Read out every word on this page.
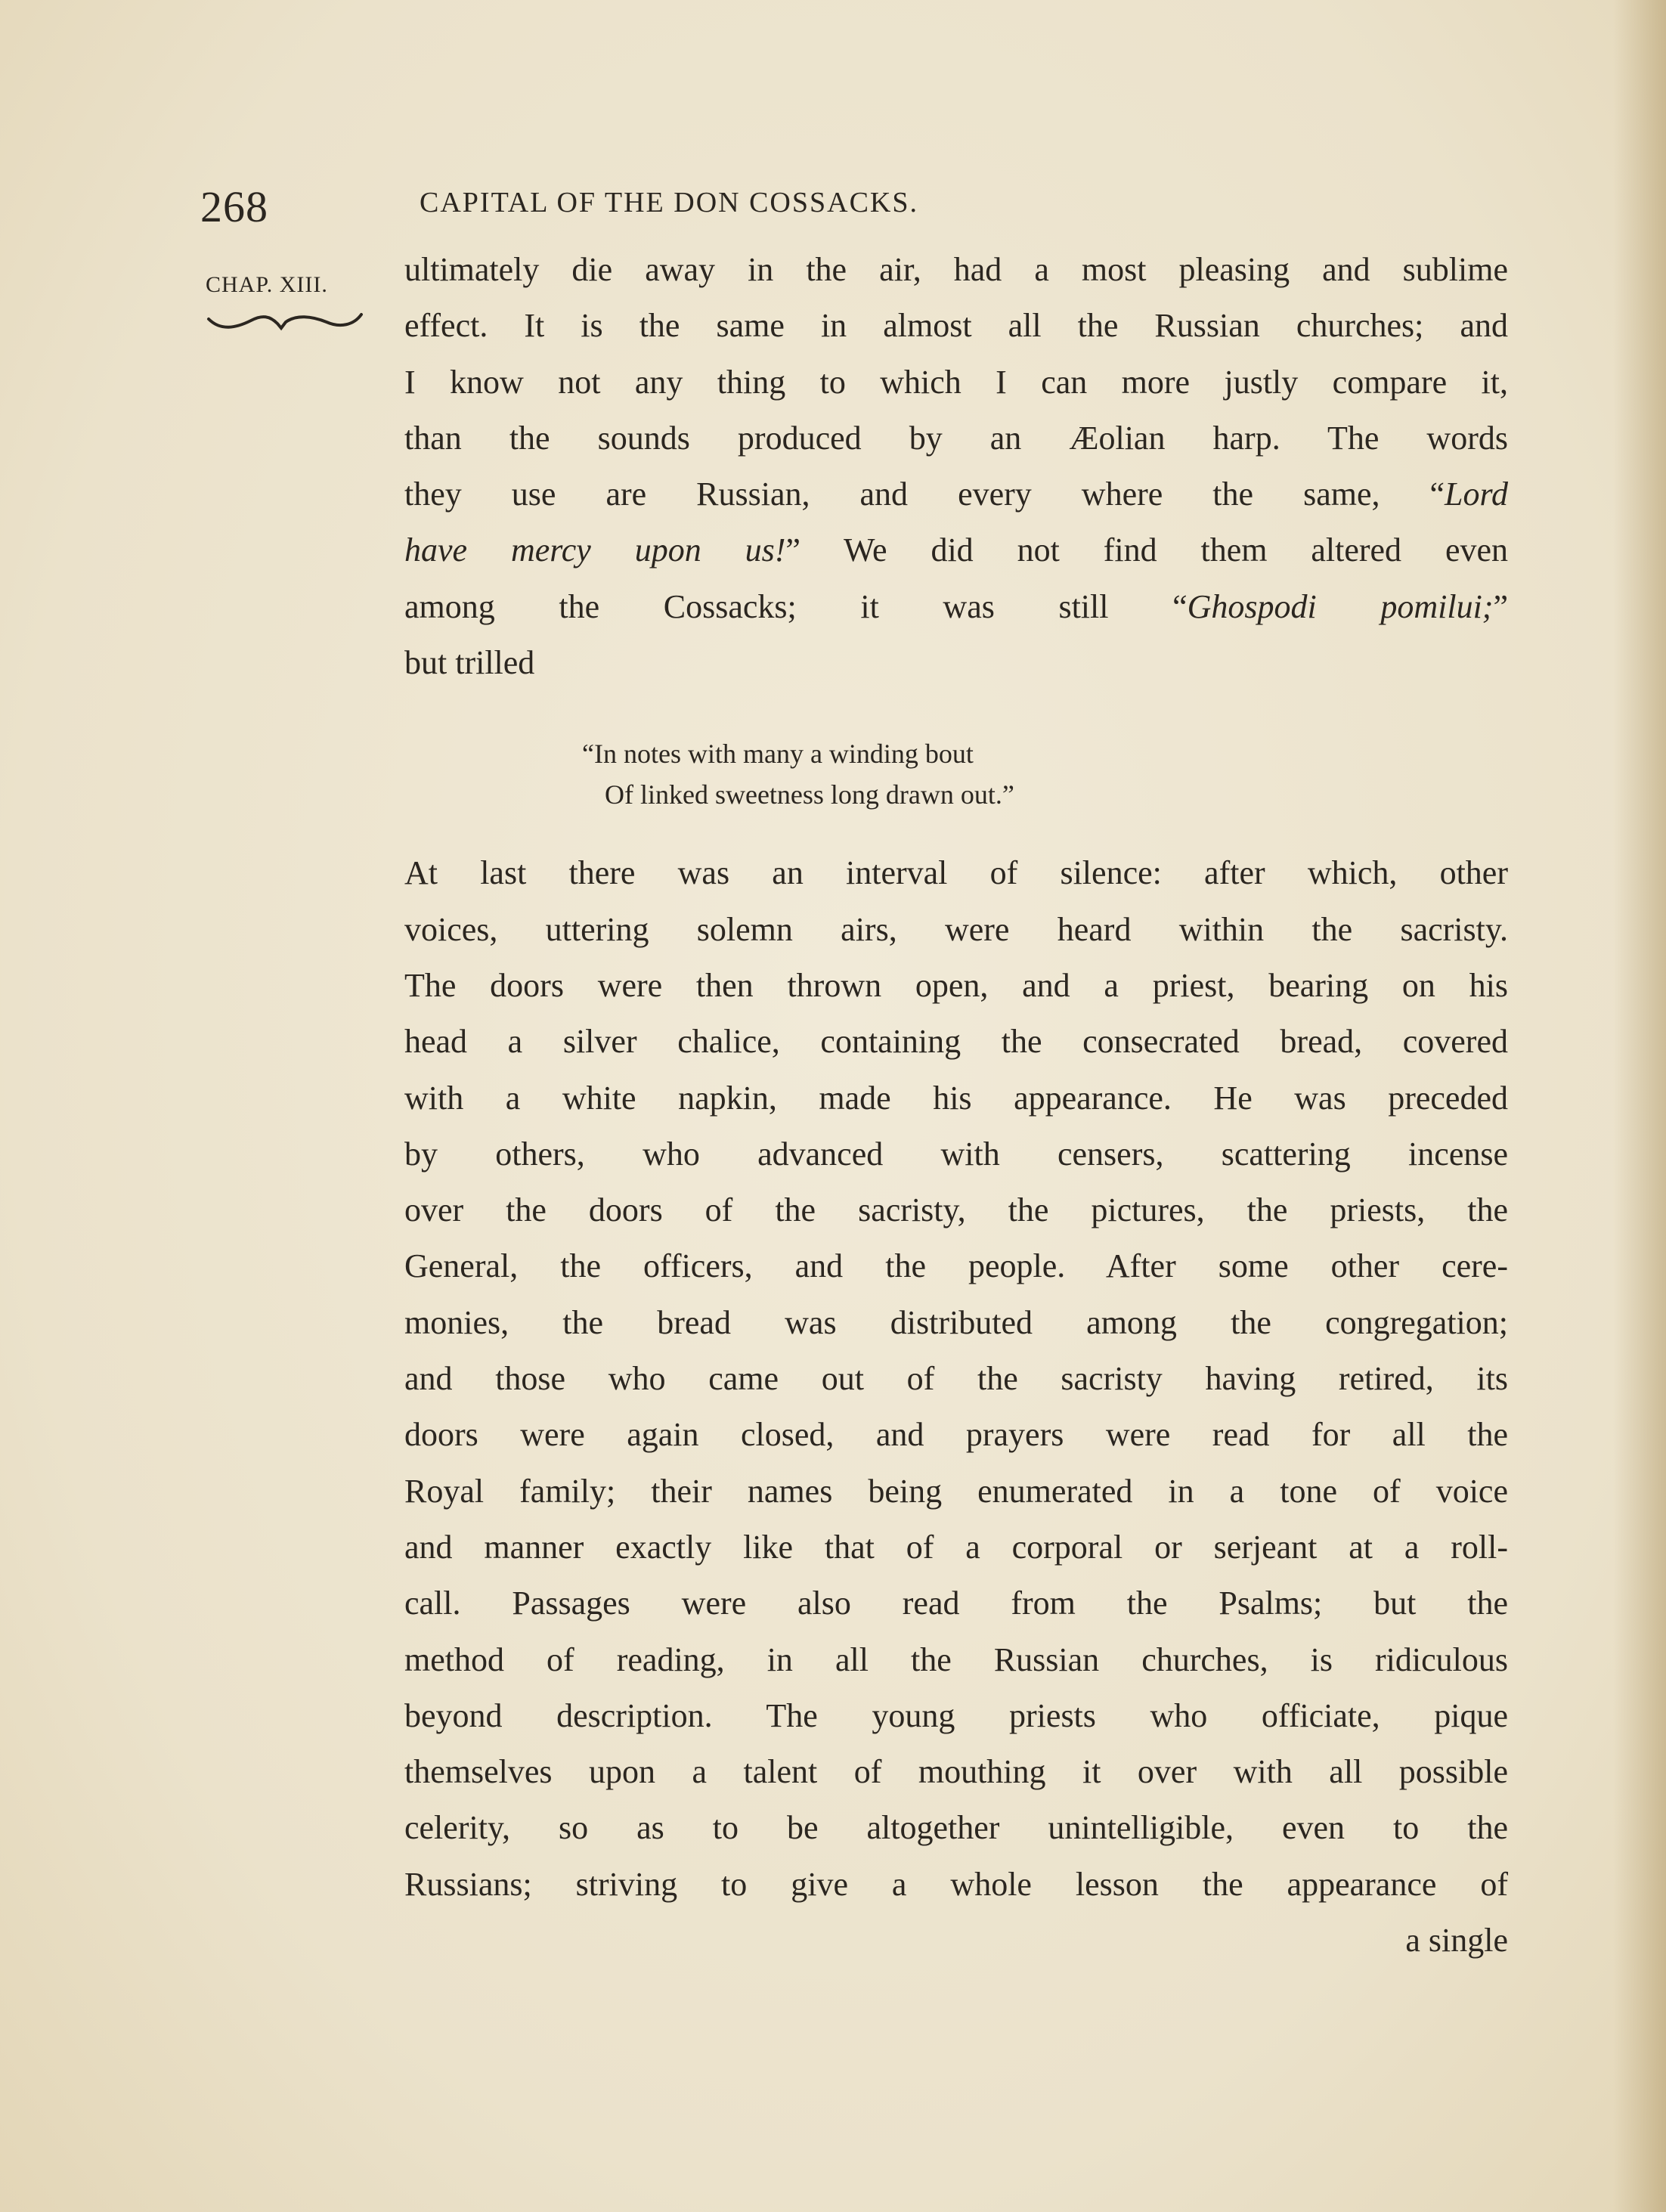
268	CAPITAL OF THE DON COSSACKS.
CHAP. XIII. ultimately die away in the air, had a most pleasing and sublime
effect. It is the same in almost all the Russian churches; and
I know not any thing to which I can more justly compare it,
than the sounds produced by an Æolian harp. The words
they use are Russian, and every where the same, “Lord
have mercy upon us!” We did not find them altered even
among the Cossacks; it was still “Ghospodi pomilui;”
but trilled
“In notes with many a winding bout
Of linked sweetness long drawn out.”
At last there was an interval of silence: after which, other
voices, uttering solemn airs, were heard within the sacristy.
The doors were then thrown open, and a priest, bearing on his
head a silver chalice, containing the consecrated bread, covered
with a white napkin, made his appearance. He was preceded
by others, who advanced with censers, scattering incense
over the doors of the sacristy, the pictures, the priests, the
General, the officers, and the people. After some other cere-
monies, the bread was distributed among the congregation;
and those who came out of the sacristy having retired, its
doors were again closed, and prayers were read for all the
Royal family; their names being enumerated in a tone of voice
and manner exactly like that of a corporal or serjeant at a roll-
call. Passages were also read from the Psalms; but the
method of reading, in all the Russian churches, is ridiculous
beyond description. The young priests who officiate, pique
themselves upon a talent of mouthing it over with all possible
celerity, so as to be altogether unintelligible, even to the
Russians; striving to give a whole lesson the appearance of
a single
